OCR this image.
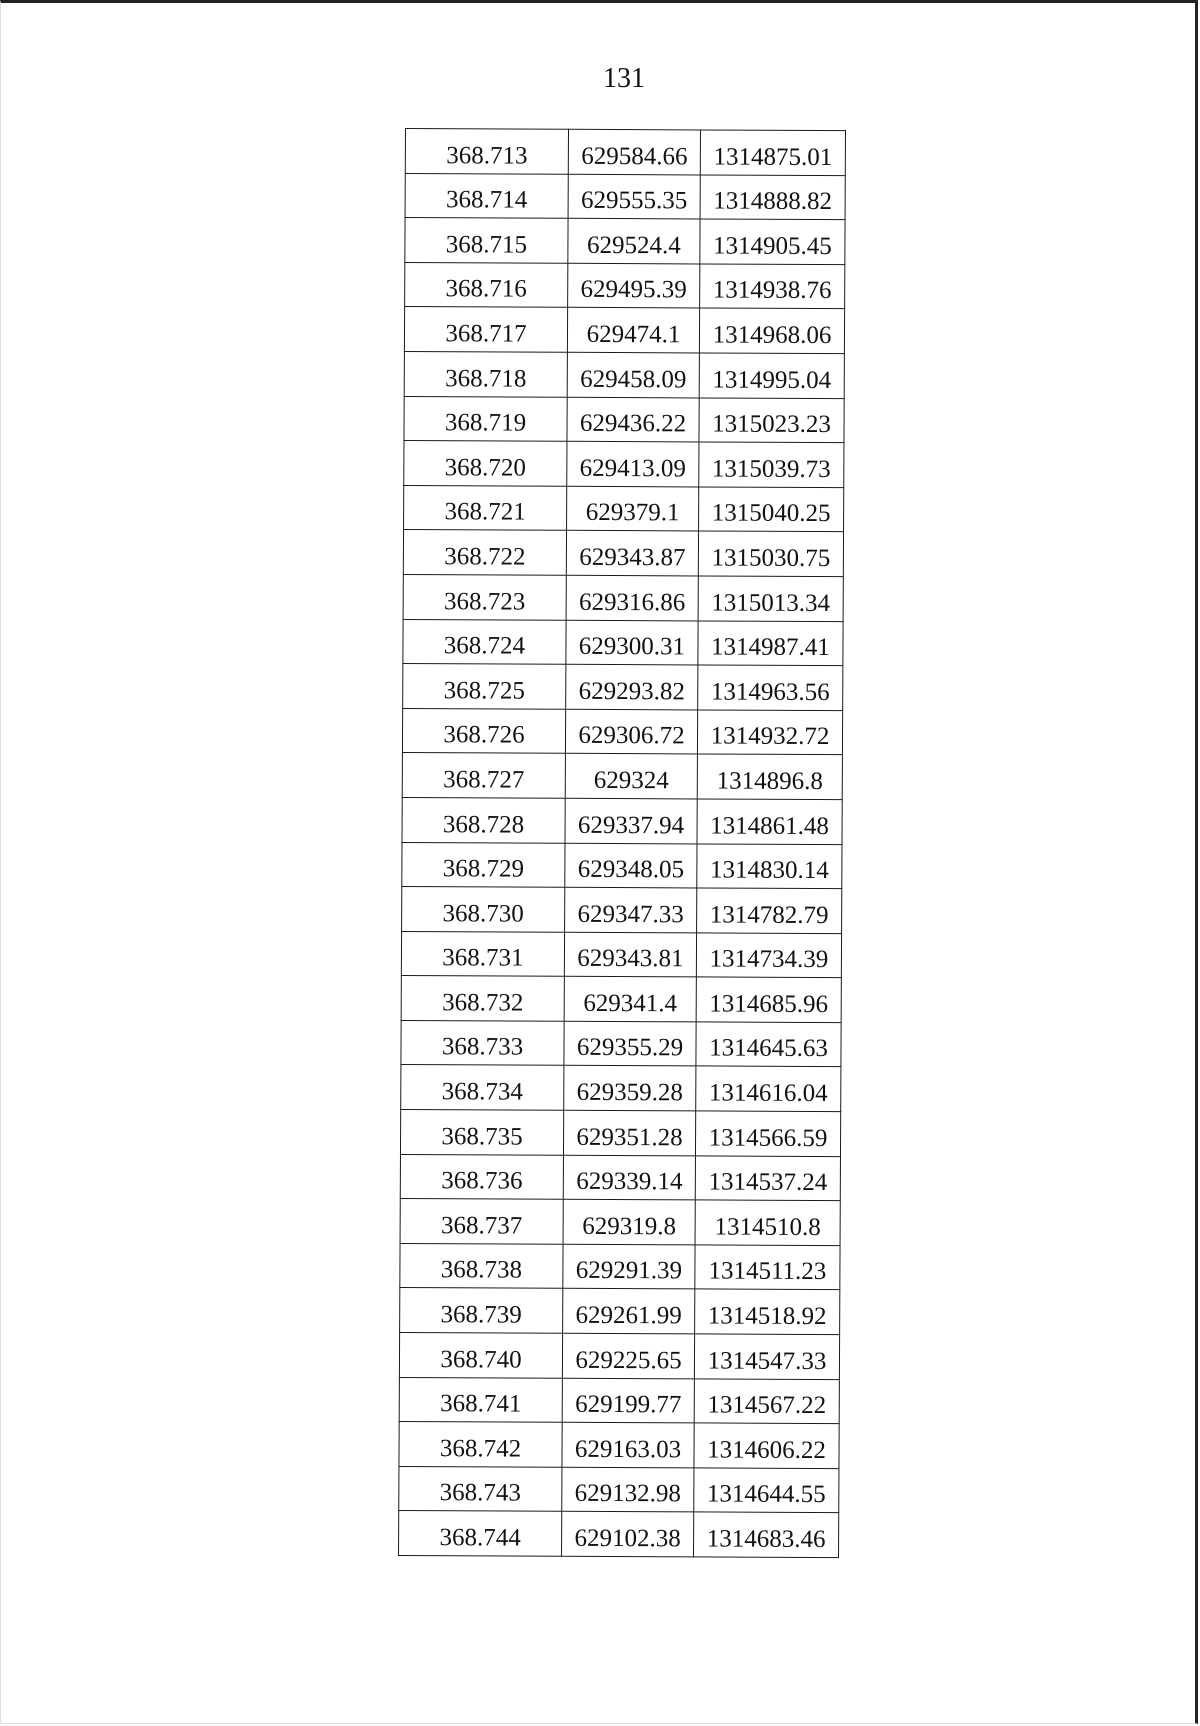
131
368.713	629584.66	1314875.01
368.714	629555.35	1314888.82
368.715	629524.4	1314905.45
368.716	629495.39	1314938.76
368.717	629474.1	1314968.06
368.718	629458.09	1314995.04
368.719	629436.22	1315023.23
368.720	629413.09	1315039.73
368.721	629379.1	1315040.25
368.722	629343.87	1315030.75
368.723	629316.86	1315013.34
368.724	629300.31	1314987.41
368.725	629293.82	1314963.56
368.726	629306.72	1314932.72
368.727	629324	1314896.8
368.728	629337.94	1314861.48
368.729	629348.05	1314830.14
368.730	629347.33	1314782.79
368.731	629343.81	1314734.39
368.732	629341.4	1314685.96
368.733	629355.29	1314645.63
368.734	629359.28	1314616.04
368.735	629351.28	1314566.59
368.736	629339.14	1314537.24
368.737	629319.8	1314510.8
368.738	629291.39	1314511.23
368.739	629261.99	1314518.92
368.740	629225.65	1314547.33
368.741	629199.77	1314567.22
368.742	629163.03	1314606.22
368.743	629132.98	1314644.55
368.744	629102.38	1314683.46
